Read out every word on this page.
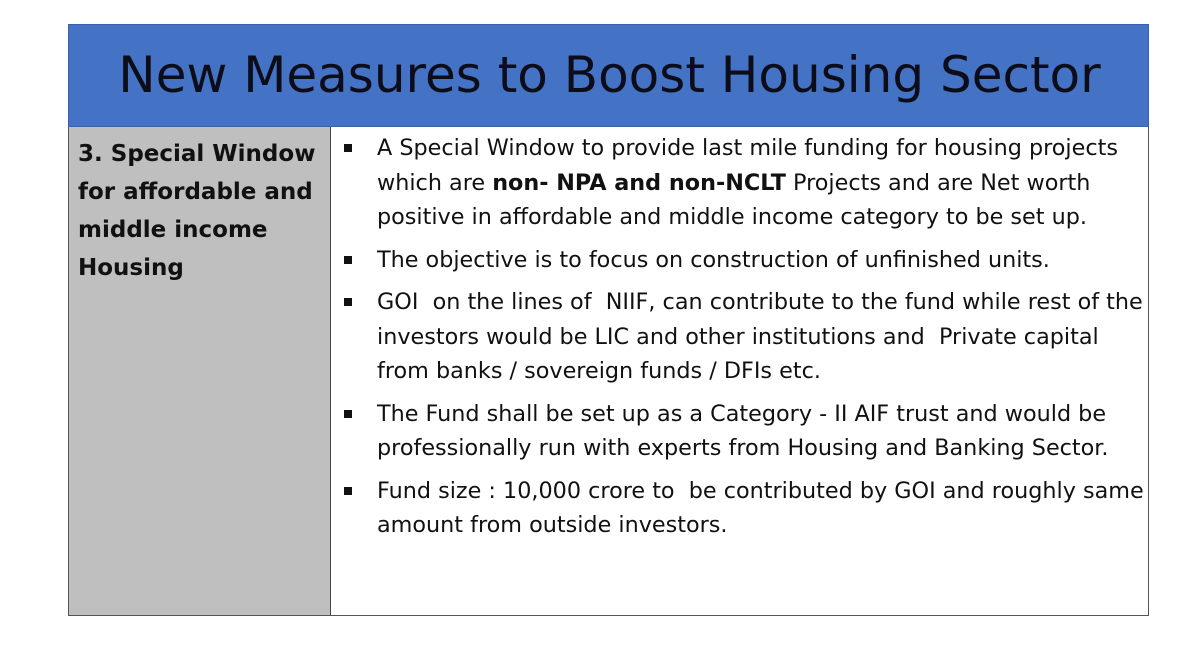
New Measures to Boost Housing Sector
3. Special Window
for affordable and
middle income
Housing
A Special Window to provide last mile funding for housing projects which are non- NPA and non-NCLT Projects and are Net worth positive in affordable and middle income category to be set up.
The objective is to focus on construction of unfinished units.
GOI  on the lines of  NIIF, can contribute to the fund while rest of the investors would be LIC and other institutions and  Private capital from banks / sovereign funds / DFIs etc.
The Fund shall be set up as a Category - II AIF trust and would be professionally run with experts from Housing and Banking Sector.
Fund size : 10,000 crore to  be contributed by GOI and roughly same amount from outside investors.
